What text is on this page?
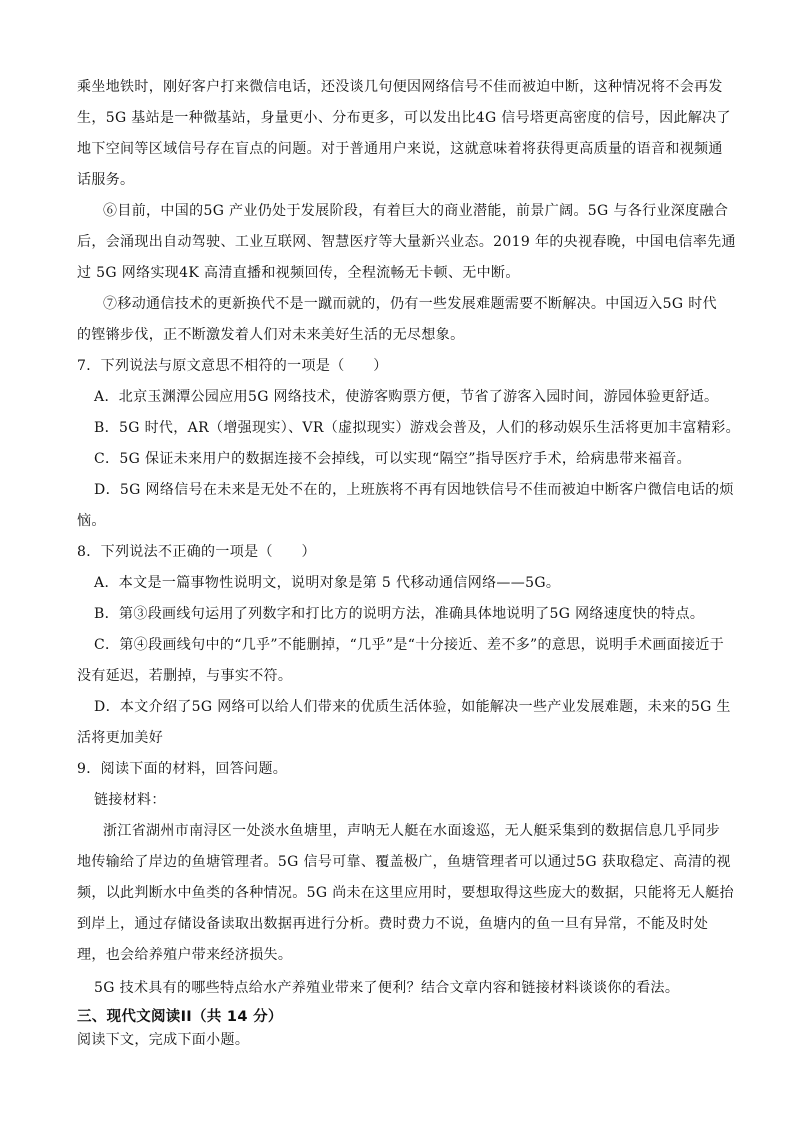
乘坐地铁时，刚好客户打来微信电话，还没谈几句便因网络信号不佳而被迫中断，这种情况将不会再发
生，5G 基站是一种微基站，身量更小、分布更多，可以发出比4G 信号塔更高密度的信号，因此解决了
地下空间等区域信号存在盲点的问题。对于普通用户来说，这就意味着将获得更高质量的语音和视频通
话服务。
⑥目前，中国的5G 产业仍处于发展阶段，有着巨大的商业潜能，前景广阔。5G 与各行业深度融合
后，会涌现出自动驾驶、工业互联网、智慧医疗等大量新兴业态。2019 年的央视春晚，中国电信率先通
过 5G 网络实现4K 高清直播和视频回传，全程流畅无卡顿、无中断。
⑦移动通信技术的更新换代不是一蹴而就的，仍有一些发展难题需要不断解决。中国迈入5G 时代
的铿锵步伐，正不断激发着人们对未来美好生活的无尽想象。
7．下列说法与原文意思不相符的一项是（　　）
A．北京玉渊潭公园应用5G 网络技术，使游客购票方便，节省了游客入园时间，游园体验更舒适。
B．5G 时代，AR（增强现实）、VR（虚拟现实）游戏会普及，人们的移动娱乐生活将更加丰富精彩。
C．5G 保证未来用户的数据连接不会掉线，可以实现“隔空”指导医疗手术，给病患带来福音。
D．5G 网络信号在未来是无处不在的，上班族将不再有因地铁信号不佳而被迫中断客户微信电话的烦
恼。
8．下列说法不正确的一项是（　　）
A．本文是一篇事物性说明文，说明对象是第 5 代移动通信网络——5G。
B．第③段画线句运用了列数字和打比方的说明方法，准确具体地说明了5G 网络速度快的特点。
C．第④段画线句中的“几乎”不能删掉，“几乎”是“十分接近、差不多”的意思，说明手术画面接近于
没有延迟，若删掉，与事实不符。
D．本文介绍了5G 网络可以给人们带来的优质生活体验，如能解决一些产业发展难题，未来的5G 生
活将更加美好
9．阅读下面的材料，回答问题。
链接材料：
浙江省湖州市南浔区一处淡水鱼塘里，声呐无人艇在水面逡巡，无人艇采集到的数据信息几乎同步
地传输给了岸边的鱼塘管理者。5G 信号可靠、覆盖极广，鱼塘管理者可以通过5G 获取稳定、高清的视
频，以此判断水中鱼类的各种情况。5G 尚未在这里应用时，要想取得这些庞大的数据，只能将无人艇抬
到岸上，通过存储设备读取出数据再进行分析。费时费力不说，鱼塘内的鱼一旦有异常，不能及时处
理，也会给养殖户带来经济损失。
5G 技术具有的哪些特点给水产养殖业带来了便利？结合文章内容和链接材料谈谈你的看法。
三、现代文阅读II（共 14 分）
阅读下文，完成下面小题。
